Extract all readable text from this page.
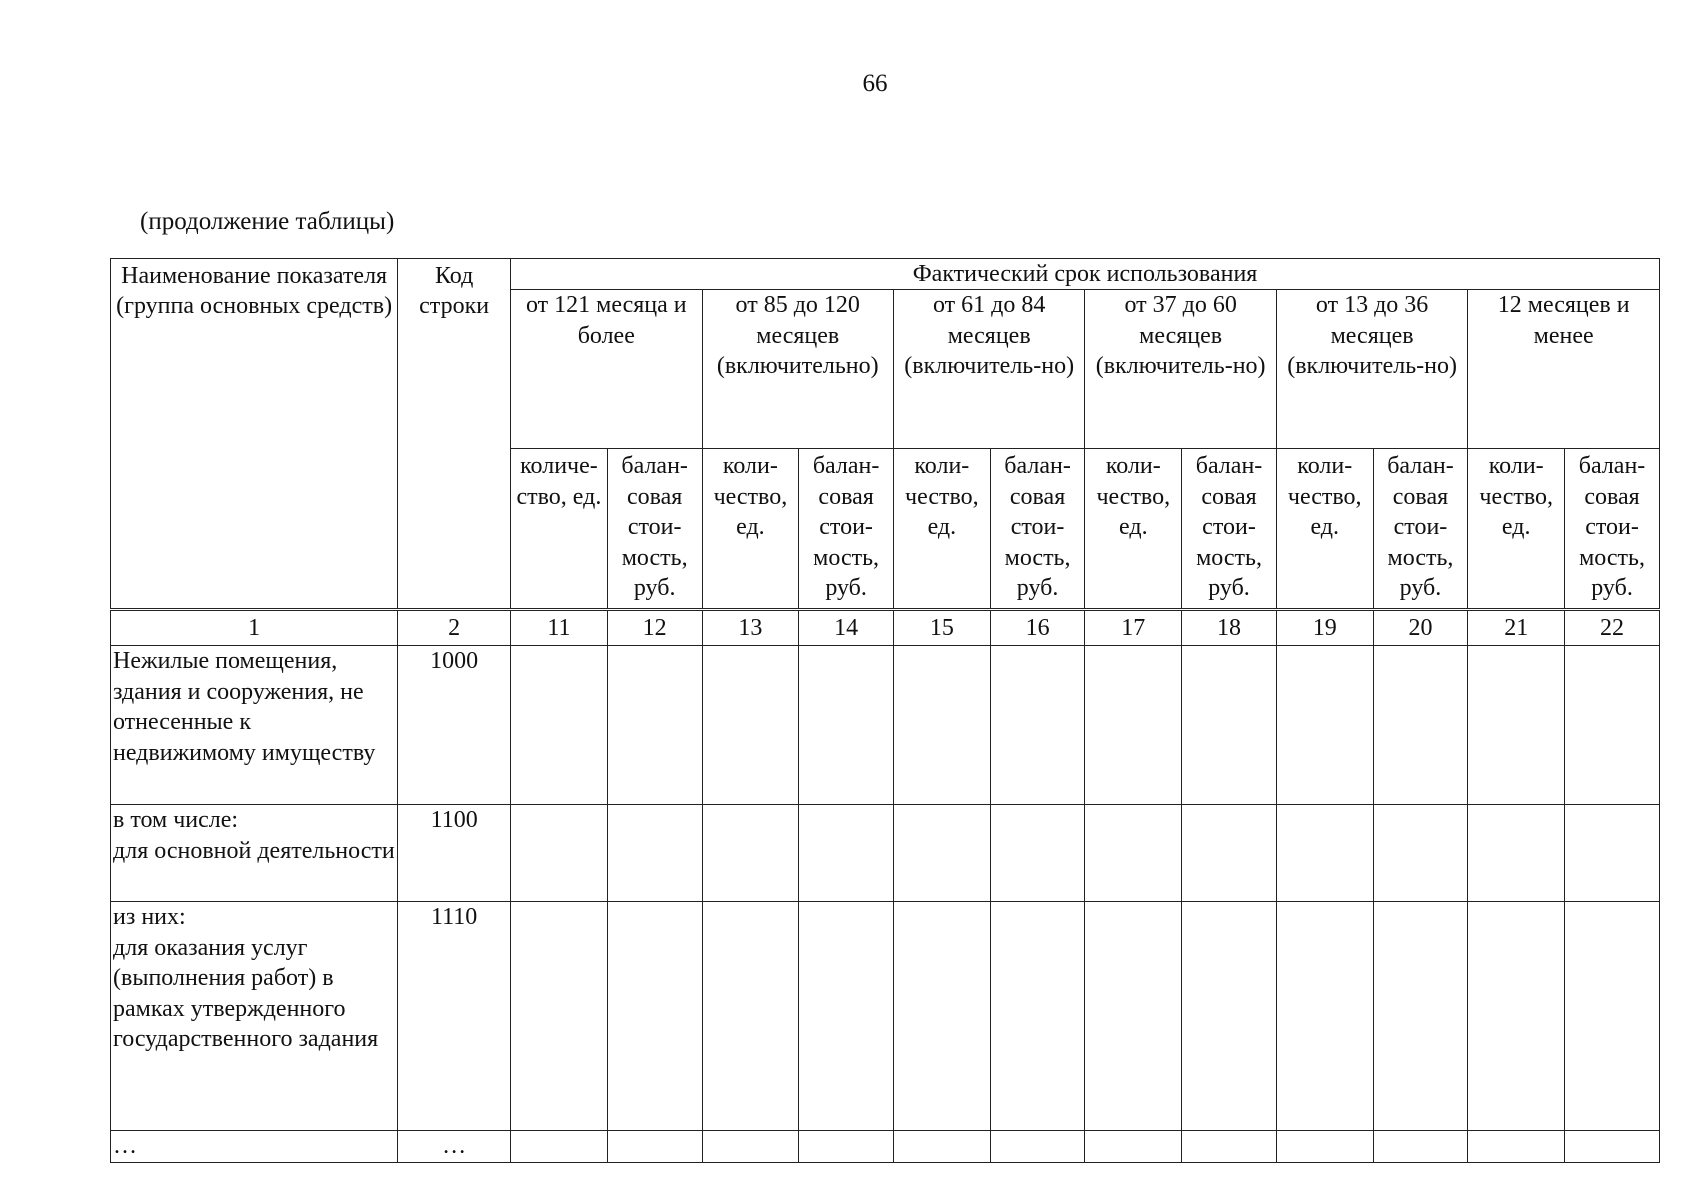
66
(продолжение таблицы)
Наименование показателя (группа основных средств)	Код строки	Фактический срок использования											
		от 121 месяца и более		от 85 до 120 месяцев (включительно)		от 61 до 84 месяцев (включитель-но)		от 37 до 60 месяцев (включитель-но)		от 13 до 36 месяцев (включитель-но)		12 месяцев и менее	
		количе-ство, ед.	балан-совая стои-мость, руб.	коли-чество, ед.	балан-совая стои-мость, руб.	коли-чество, ед.	балан-совая стои-мость, руб.	коли-чество, ед.	балан-совая стои-мость, руб.	коли-чество, ед.	балан-совая стои-мость, руб.	коли-чество, ед.	балан-совая стои-мость, руб.
1	2	11	12	13	14	15	16	17	18	19	20	21	22
Нежилые помещения, здания и сооружения, не отнесенные к недвижимому имуществу	1000												
в том числе:
для основной деятельности	1100												
из них:
для оказания услуг (выполнения работ) в рамках утвержденного государственного задания	1110												
…	…												
